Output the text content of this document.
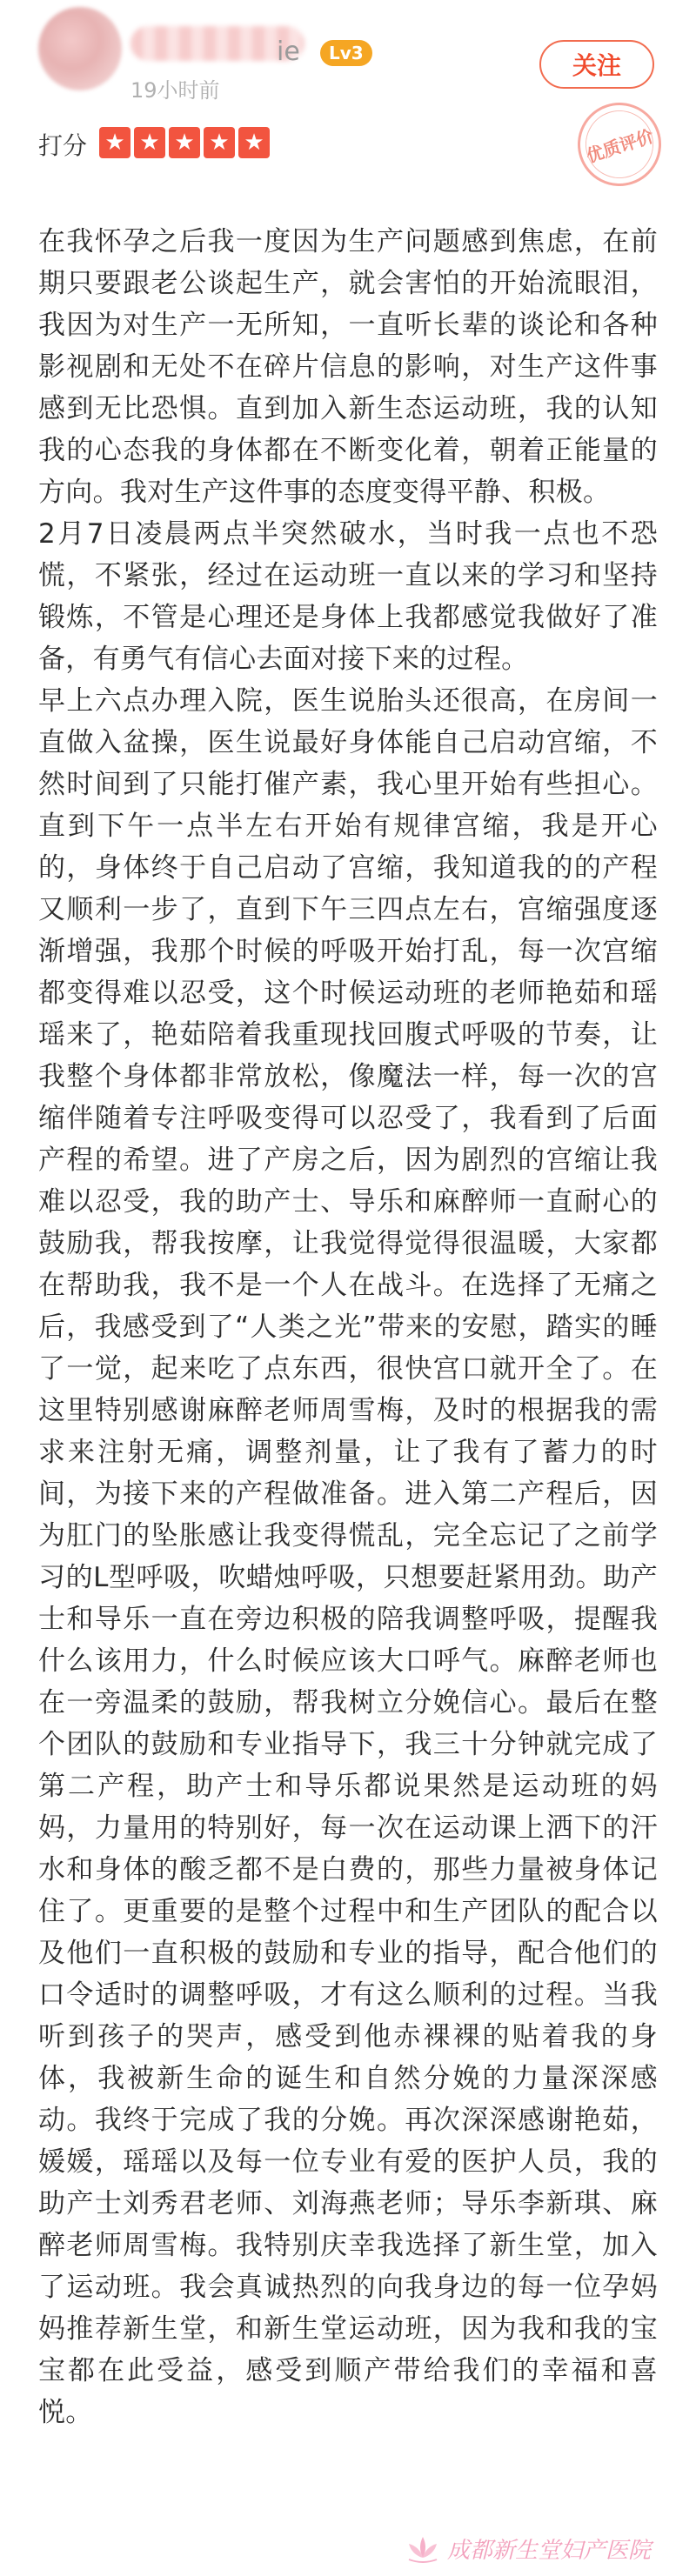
ie	Lv3
19小时前
关注
打分 ★ ★ ★ ★ ★	优质评价

在我怀孕之后我一度因为生产问题感到焦虑，在前期只要跟老公谈起生产，就会害怕的开始流眼泪，我因为对生产一无所知，一直听长辈的谈论和各种影视剧和无处不在碎片信息的影响，对生产这件事感到无比恐惧。直到加入新生态运动班，我的认知我的心态我的身体都在不断变化着，朝着正能量的方向。我对生产这件事的态度变得平静、积极。

2月7日凌晨两点半突然破水，当时我一点也不恐慌，不紧张，经过在运动班一直以来的学习和坚持锻炼，不管是心理还是身体上我都感觉我做好了准备，有勇气有信心去面对接下来的过程。

早上六点办理入院，医生说胎头还很高，在房间一直做入盆操，医生说最好身体能自己启动宫缩，不然时间到了只能打催产素，我心里开始有些担心。直到下午一点半左右开始有规律宫缩，我是开心的，身体终于自己启动了宫缩，我知道我的的产程又顺利一步了，直到下午三四点左右，宫缩强度逐渐增强，我那个时候的呼吸开始打乱，每一次宫缩都变得难以忍受，这个时候运动班的老师艳茹和瑶瑶来了，艳茹陪着我重现找回腹式呼吸的节奏，让我整个身体都非常放松，像魔法一样，每一次的宫缩伴随着专注呼吸变得可以忍受了，我看到了后面产程的希望。进了产房之后，因为剧烈的宫缩让我难以忍受，我的助产士、导乐和麻醉师一直耐心的鼓励我，帮我按摩，让我觉得觉得很温暖，大家都在帮助我，我不是一个人在战斗。在选择了无痛之后，我感受到了“人类之光”带来的安慰，踏实的睡了一觉，起来吃了点东西，很快宫口就开全了。在这里特别感谢麻醉老师周雪梅，及时的根据我的需求来注射无痛，调整剂量，让了我有了蓄力的时间，为接下来的产程做准备。进入第二产程后，因为肛门的坠胀感让我变得慌乱，完全忘记了之前学习的L型呼吸，吹蜡烛呼吸，只想要赶紧用劲。助产士和导乐一直在旁边积极的陪我调整呼吸，提醒我什么该用力，什么时候应该大口呼气。麻醉老师也在一旁温柔的鼓励，帮我树立分娩信心。最后在整个团队的鼓励和专业指导下，我三十分钟就完成了第二产程，助产士和导乐都说果然是运动班的妈妈，力量用的特别好，每一次在运动课上洒下的汗水和身体的酸乏都不是白费的，那些力量被身体记住了。更重要的是整个过程中和生产团队的配合以及他们一直积极的鼓励和专业的指导，配合他们的口令适时的调整呼吸，才有这么顺利的过程。当我听到孩子的哭声，感受到他赤裸裸的贴着我的身体，我被新生命的诞生和自然分娩的力量深深感动。我终于完成了我的分娩。再次深深感谢艳茹，媛媛，瑶瑶以及每一位专业有爱的医护人员，我的助产士刘秀君老师、刘海燕老师；导乐李新琪、麻醉老师周雪梅。我特别庆幸我选择了新生堂，加入了运动班。我会真诚热烈的向我身边的每一位孕妈妈推荐新生堂，和新生堂运动班，因为我和我的宝宝都在此受益，感受到顺产带给我们的幸福和喜悦。

成都新生堂妇产医院
